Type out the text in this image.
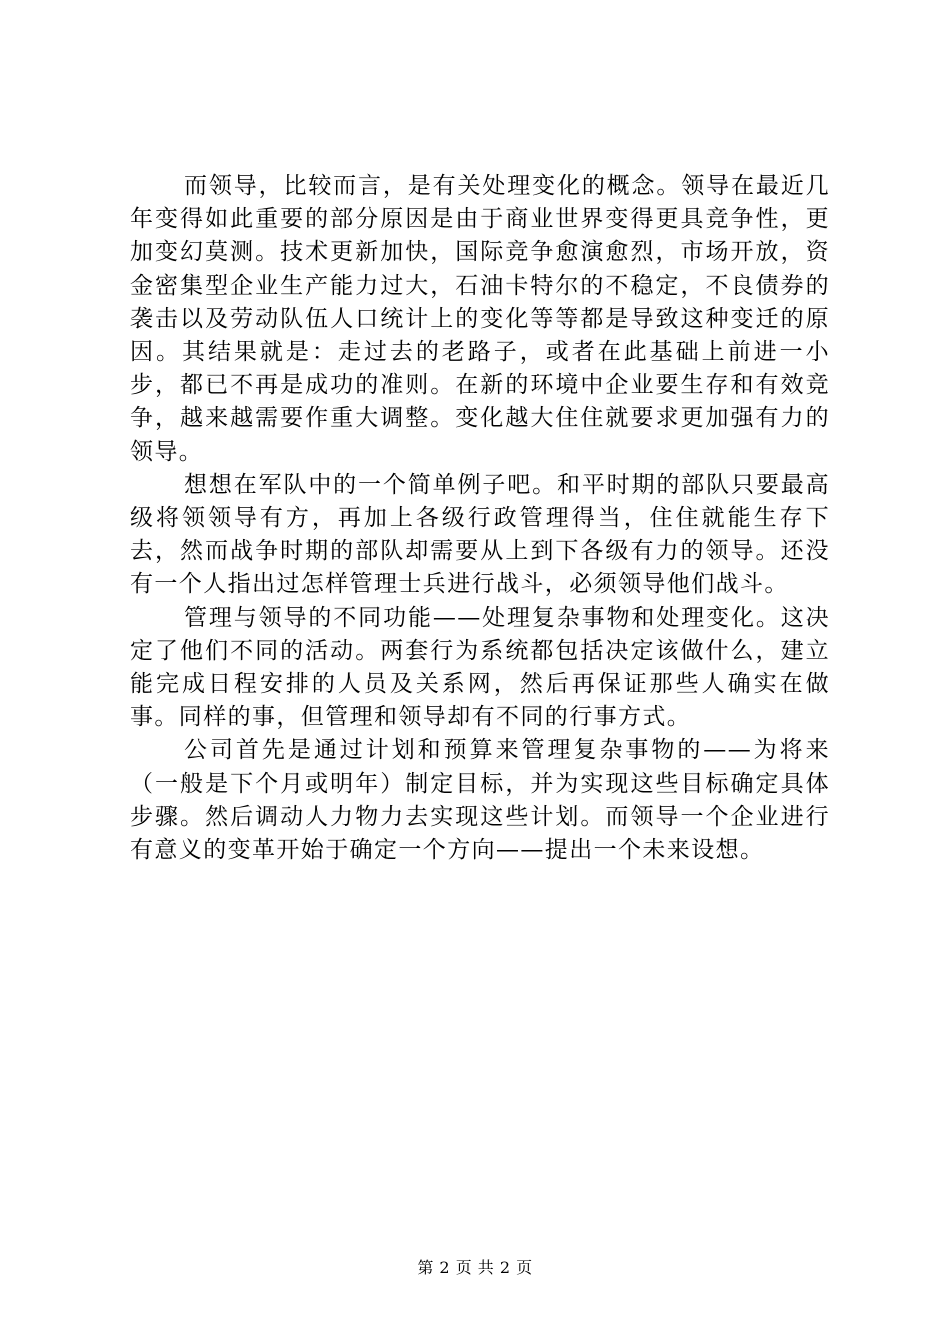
而领导，比较而言，是有关处理变化的概念。领导在最近几年变得如此重要的部分原因是由于商业世界变得更具竞争性，更加变幻莫测。技术更新加快，国际竞争愈演愈烈，市场开放，资金密集型企业生产能力过大，石油卡特尔的不稳定，不良债券的袭击以及劳动队伍人口统计上的变化等等都是导致这种变迁的原因。其结果就是：走过去的老路子，或者在此基础上前进一小步，都已不再是成功的准则。在新的环境中企业要生存和有效竞争，越来越需要作重大调整。变化越大住住就要求更加强有力的领导。

想想在军队中的一个简单例子吧。和平时期的部队只要最高级将领领导有方，再加上各级行政管理得当，住住就能生存下去，然而战争时期的部队却需要从上到下各级有力的领导。还没有一个人指出过怎样管理士兵进行战斗，必须领导他们战斗。

管理与领导的不同功能——处理复杂事物和处理变化。这决定了他们不同的活动。两套行为系统都包括决定该做什么，建立能完成日程安排的人员及关系网，然后再保证那些人确实在做事。同样的事，但管理和领导却有不同的行事方式。

公司首先是通过计划和预算来管理复杂事物的——为将来（一般是下个月或明年）制定目标，并为实现这些目标确定具体步骤。然后调动人力物力去实现这些计划。而领导一个企业进行有意义的变革开始于确定一个方向——提出一个未来设想。

第 2 页 共 2 页
